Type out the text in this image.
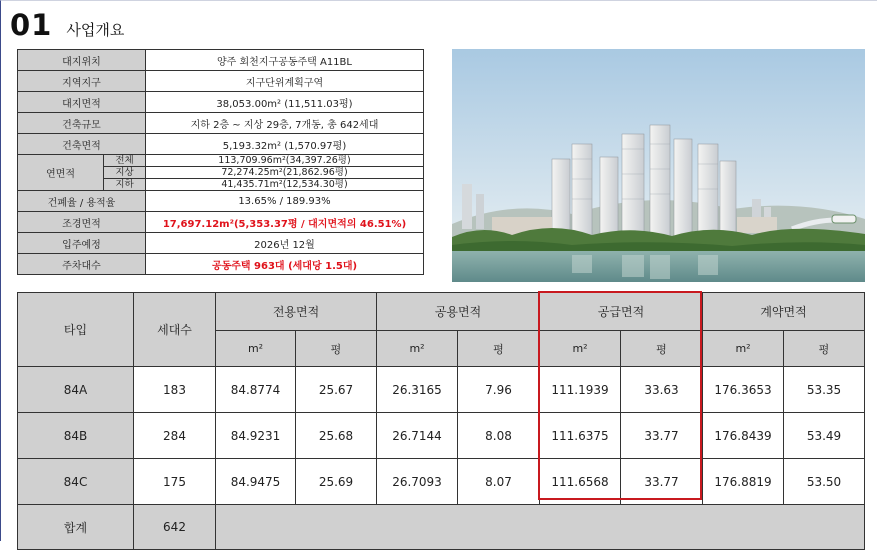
01 사업개요
대지위치		양주 회천지구공동주택 A11BL
지역지구		지구단위계획구역
대지면적		38,053.00m² (11,511.03평)
건축규모		지하 2층 ~ 지상 29층, 7개동, 총 642세대
건축면적		5,193.32m² (1,570.97평)
연면적	전체	113,709.96m²(34,397.26평)
	지상	72,274.25m²(21,862.96평)
	지하	41,435.71m²(12,534.30평)
건폐율 / 용적율		13.65% / 189.93%
조경면적		17,697.12m²(5,353.37평 / 대지면적의 46.51%)
입주예정		2026년 12월
주차대수		공동주택 963대 (세대당 1.5대)
타입	세대수	전용면적		공용면적		공급면적		계약면적	
		m²	평	m²	평	m²	평	m²	평
84A	183	84.8774	25.67	26.3165	7.96	111.1939	33.63	176.3653	53.35
84B	284	84.9231	25.68	26.7144	8.08	111.6375	33.77	176.8439	53.49
84C	175	84.9475	25.69	26.7093	8.07	111.6568	33.77	176.8819	53.50
합계	642								
